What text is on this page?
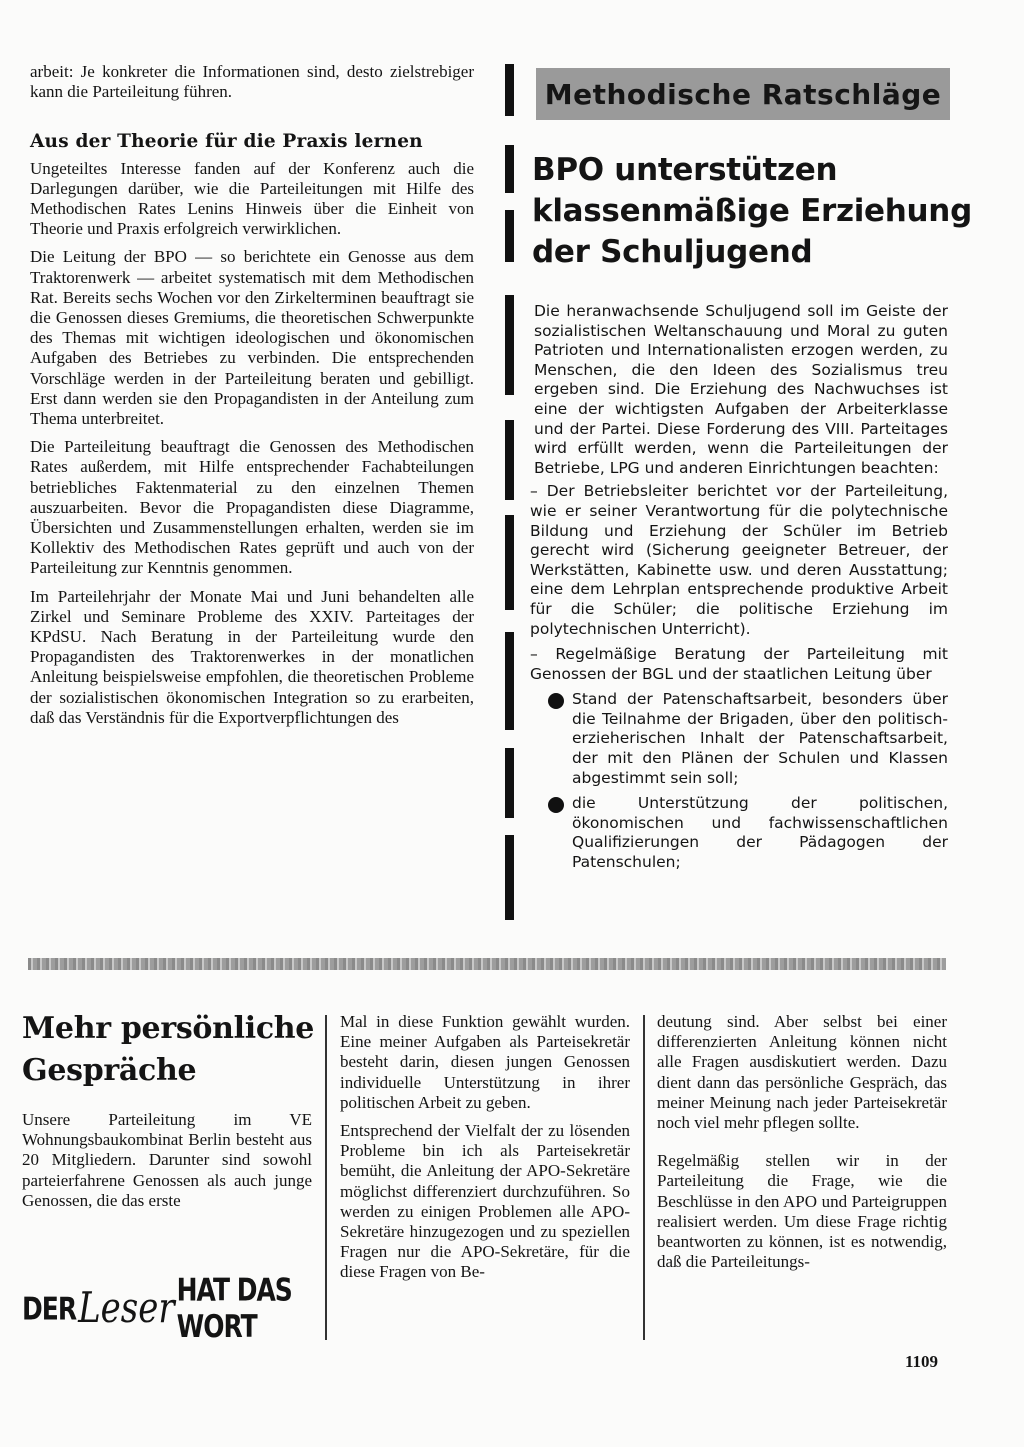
arbeit: Je konkreter die Informationen sind, desto zielstrebiger kann die Parteileitung führen.

Aus der Theorie für die Praxis lernen

Ungeteiltes Interesse fanden auf der Konferenz auch die Darlegungen darüber, wie die Parteileitungen mit Hilfe des Methodischen Rates Lenins Hinweis über die Einheit von Theorie und Praxis erfolgreich verwirklichen.

Die Leitung der BPO — so berichtete ein Genosse aus dem Traktorenwerk — arbeitet systematisch mit dem Methodischen Rat. Bereits sechs Wochen vor den Zirkelterminen beauftragt sie die Genossen dieses Gremiums, die theoretischen Schwerpunkte des Themas mit wichtigen ideologischen und ökonomischen Aufgaben des Betriebes zu verbinden. Die entsprechenden Vorschläge werden in der Parteileitung beraten und gebilligt. Erst dann werden sie den Propagandisten in der Anteilung zum Thema unterbreitet.

Die Parteileitung beauftragt die Genossen des Methodischen Rates außerdem, mit Hilfe entsprechender Fachabteilungen betriebliches Faktenmaterial zu den einzelnen Themen auszuarbeiten. Bevor die Propagandisten diese Diagramme, Übersichten und Zusammenstellungen erhalten, werden sie im Kollektiv des Methodischen Rates geprüft und auch von der Parteileitung zur Kenntnis genommen.

Im Parteilehrjahr der Monate Mai und Juni behandelten alle Zirkel und Seminare Probleme des XXIV. Parteitages der KPdSU. Nach Beratung in der Parteileitung wurde den Propagandisten des Traktorenwerkes in der monatlichen Anleitung beispielsweise empfohlen, die theoretischen Probleme der sozialistischen ökonomischen Integration so zu erarbeiten, daß das Verständnis für die Exportverpflichtungen des

Methodische Ratschläge
BPO unterstützen
klassenmäßige Erziehung
der Schuljugend

Die heranwachsende Schuljugend soll im Geiste der sozialistischen Weltanschauung und Moral zu guten Patrioten und Internationalisten erzogen werden, zu Menschen, die den Ideen des Sozialismus treu ergeben sind. Die Erziehung des Nachwuchses ist eine der wichtigsten Aufgaben der Arbeiterklasse und der Partei. Diese Forderung des VIII. Parteitages wird erfüllt werden, wenn die Parteileitungen der Betriebe, LPG und anderen Einrichtungen beachten:

– Der Betriebsleiter berichtet vor der Parteileitung, wie er seiner Verantwortung für die polytechnische Bildung und Erziehung der Schüler im Betrieb gerecht wird (Sicherung geeigneter Betreuer, der Werkstätten, Kabinette usw. und deren Ausstattung; eine dem Lehrplan entsprechende produktive Arbeit für die Schüler; die politische Erziehung im polytechnischen Unterricht).

– Regelmäßige Beratung der Parteileitung mit Genossen der BGL und der staatlichen Leitung über

Stand der Patenschaftsarbeit, besonders über die Teilnahme der Brigaden, über den politisch-erzieherischen Inhalt der Patenschaftsarbeit, der mit den Plänen der Schulen und Klassen abgestimmt sein soll;
die Unterstützung der politischen, ökonomischen und fachwissenschaftlichen Qualifizierungen der Pädagogen der Patenschulen;
Mehr persönliche
Gespräche

Unsere Parteileitung im VE Wohnungsbaukombinat Berlin besteht aus 20 Mitgliedern. Darunter sind sowohl parteierfahrene Genossen als auch junge Genossen, die das erste

DER Leser HAT DAS WORT

Mal in diese Funktion gewählt wurden. Eine meiner Aufgaben als Parteisekretär besteht darin, diesen jungen Genossen individuelle Unterstützung in ihrer politischen Arbeit zu geben.

Entsprechend der Vielfalt der zu lösenden Probleme bin ich als Parteisekretär bemüht, die Anleitung der APO-Sekretäre möglichst differenziert durchzuführen. So werden zu einigen Problemen alle APO-Sekretäre hinzugezogen und zu speziellen Fragen nur die APO-Sekretäre, für die diese Fragen von Be-

deutung sind. Aber selbst bei einer differenzierten Anleitung können nicht alle Fragen ausdiskutiert werden. Dazu dient dann das persönliche Gespräch, das meiner Meinung nach jeder Parteisekretär noch viel mehr pflegen sollte.

Regelmäßig stellen wir in der Parteileitung die Frage, wie die Beschlüsse in den APO und Parteigruppen realisiert werden. Um diese Frage richtig beantworten zu können, ist es notwendig, daß die Parteileitungs-

1109
